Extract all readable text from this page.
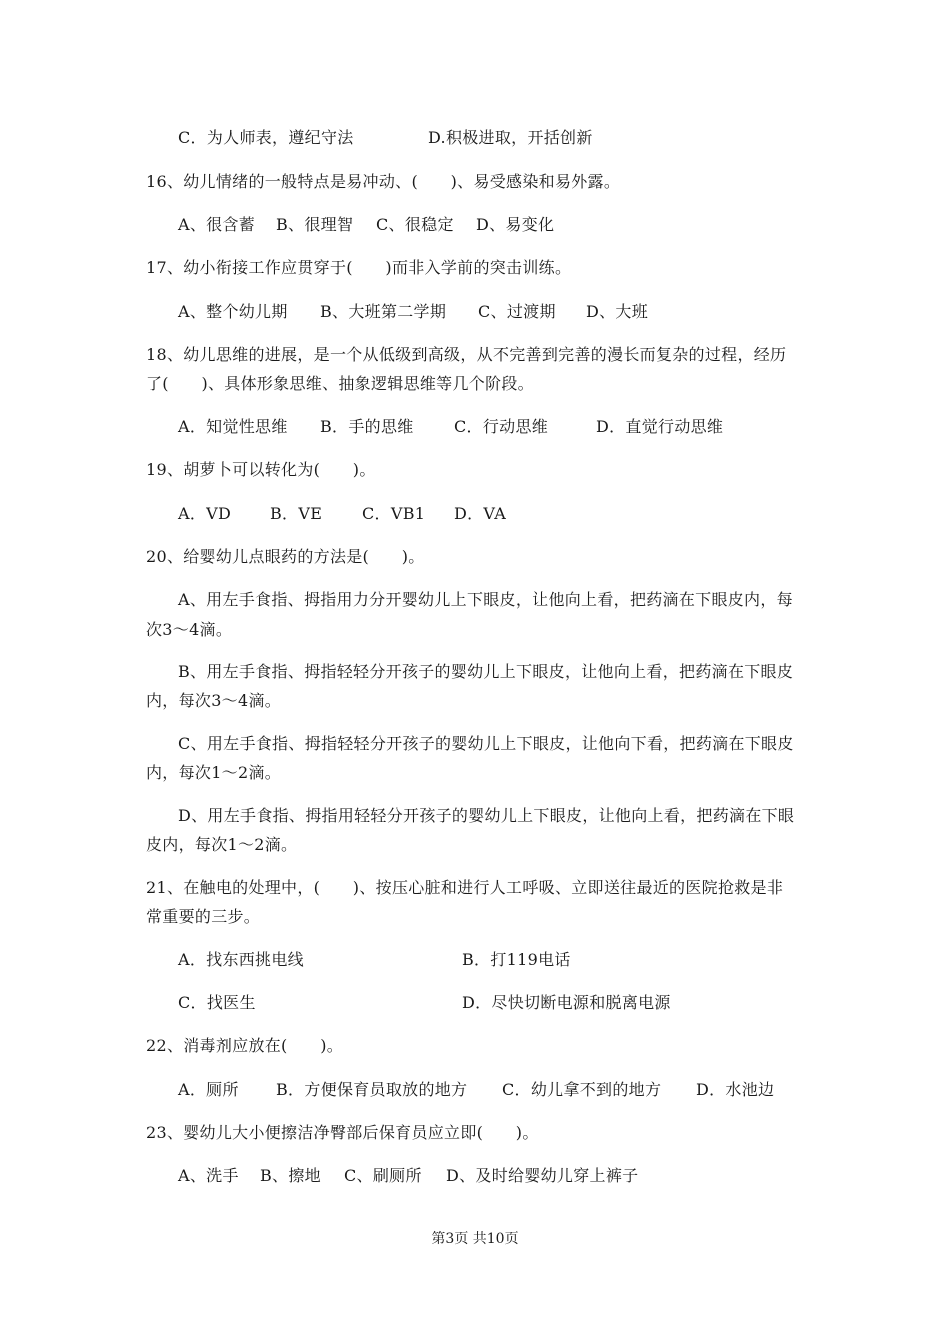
C．为人师表，遵纪守法	D.积极进取，开括创新
16、幼儿情绪的一般特点是易冲动、(　　)、易受感染和易外露。
A、很含蓄 B、很理智 C、很稳定 D、易变化
17、幼小衔接工作应贯穿于(　　)而非入学前的突击训练。
A、整个幼儿期 B、大班第二学期 C、过渡期 D、大班
18、幼儿思维的进展，是一个从低级到高级，从不完善到完善的漫长而复杂的过程，经历
了(　　)、具体形象思维、抽象逻辑思维等几个阶段。
A．知觉性思维 B．手的思维	C．行动思维	D．直觉行动思维
19、胡萝卜可以转化为(　　)。
A．VD B．VE C．VB1 D．VA
20、给婴幼儿点眼药的方法是(　　)。
A、用左手食指、拇指用力分开婴幼儿上下眼皮，让他向上看，把药滴在下眼皮内，每
次3～4滴。
B、用左手食指、拇指轻轻分开孩子的婴幼儿上下眼皮，让他向上看，把药滴在下眼皮
内，每次3～4滴。
C、用左手食指、拇指轻轻分开孩子的婴幼儿上下眼皮，让他向下看，把药滴在下眼皮
内，每次1～2滴。
D、用左手食指、拇指用轻轻分开孩子的婴幼儿上下眼皮，让他向上看，把药滴在下眼
皮内，每次1～2滴。
21、在触电的处理中，(　　)、按压心脏和进行人工呼吸、立即送往最近的医院抢救是非
常重要的三步。
A．找东西挑电线	B．打119电话
C．找医生	D．尽快切断电源和脱离电源
22、消毒剂应放在(　　)。
A．厕所 B．方便保育员取放的地方 C．幼儿拿不到的地方 D．水池边
23、婴幼儿大小便擦洁净臀部后保育员应立即(　　)。
A、洗手 B、擦地 C、刷厕所 D、及时给婴幼儿穿上裤子
第3页 共10页
